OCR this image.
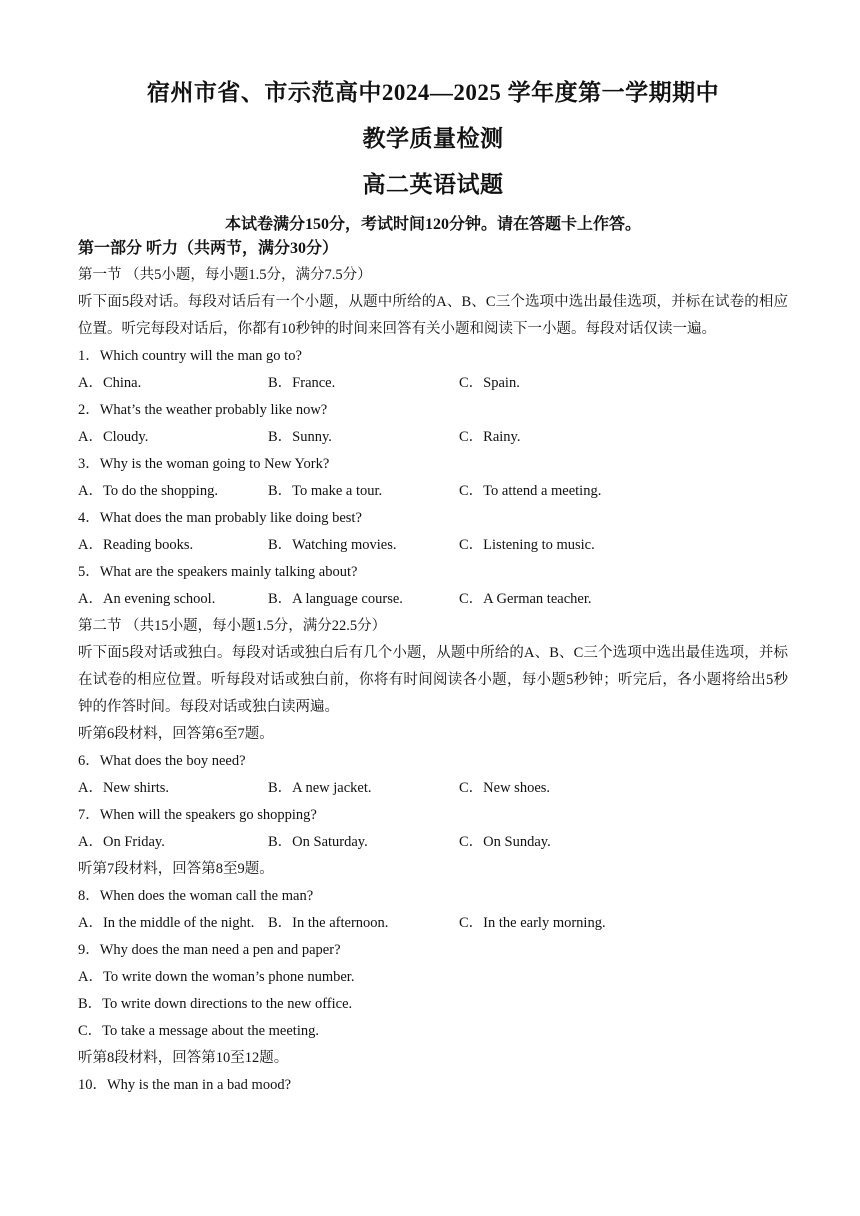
宿州市省、市示范高中2024—2025 学年度第一学期期中
教学质量检测
高二英语试题
本试卷满分150分，考试时间120分钟。请在答题卡上作答。
第一部分 听力（共两节，满分30分）
第一节 （共5小题，每小题1.5分，满分7.5分）
听下面5段对话。每段对话后有一个小题，从题中所给的A、B、C三个选项中选出最佳选项，并标在试卷的相应位置。听完每段对话后，你都有10秒钟的时间来回答有关小题和阅读下一小题。每段对话仅读一遍。
1．Which country will the man go to?
A．China.	B．France.	C．Spain.
2．What’s the weather probably like now?
A．Cloudy.	B．Sunny.	C．Rainy.
3．Why is the woman going to New York?
A．To do the shopping.	B．To make a tour.	C．To attend a meeting.
4．What does the man probably like doing best?
A．Reading books.	B．Watching movies.	C．Listening to music.
5．What are the speakers mainly talking about?
A．An evening school.	B．A language course.	C．A German teacher.
第二节 （共15小题，每小题1.5分，满分22.5分）
听下面5段对话或独白。每段对话或独白后有几个小题，从题中所给的A、B、C三个选项中选出最佳选项，并标在试卷的相应位置。听每段对话或独白前，你将有时间阅读各小题，每小题5秒钟；听完后，各小题将给出5秒钟的作答时间。每段对话或独白读两遍。
听第6段材料，回答第6至7题。
6．What does the boy need?
A．New shirts.	B．A new jacket.	C．New shoes.
7．When will the speakers go shopping?
A．On Friday.	B．On Saturday.	C．On Sunday.
听第7段材料，回答第8至9题。
8．When does the woman call the man?
A．In the middle of the night. B．In the afternoon.	C．In the early morning.
9．Why does the man need a pen and paper?
A．To write down the woman’s phone number.
B．To write down directions to the new office.
C．To take a message about the meeting.
听第8段材料，回答第10至12题。
10．Why is the man in a bad mood?
